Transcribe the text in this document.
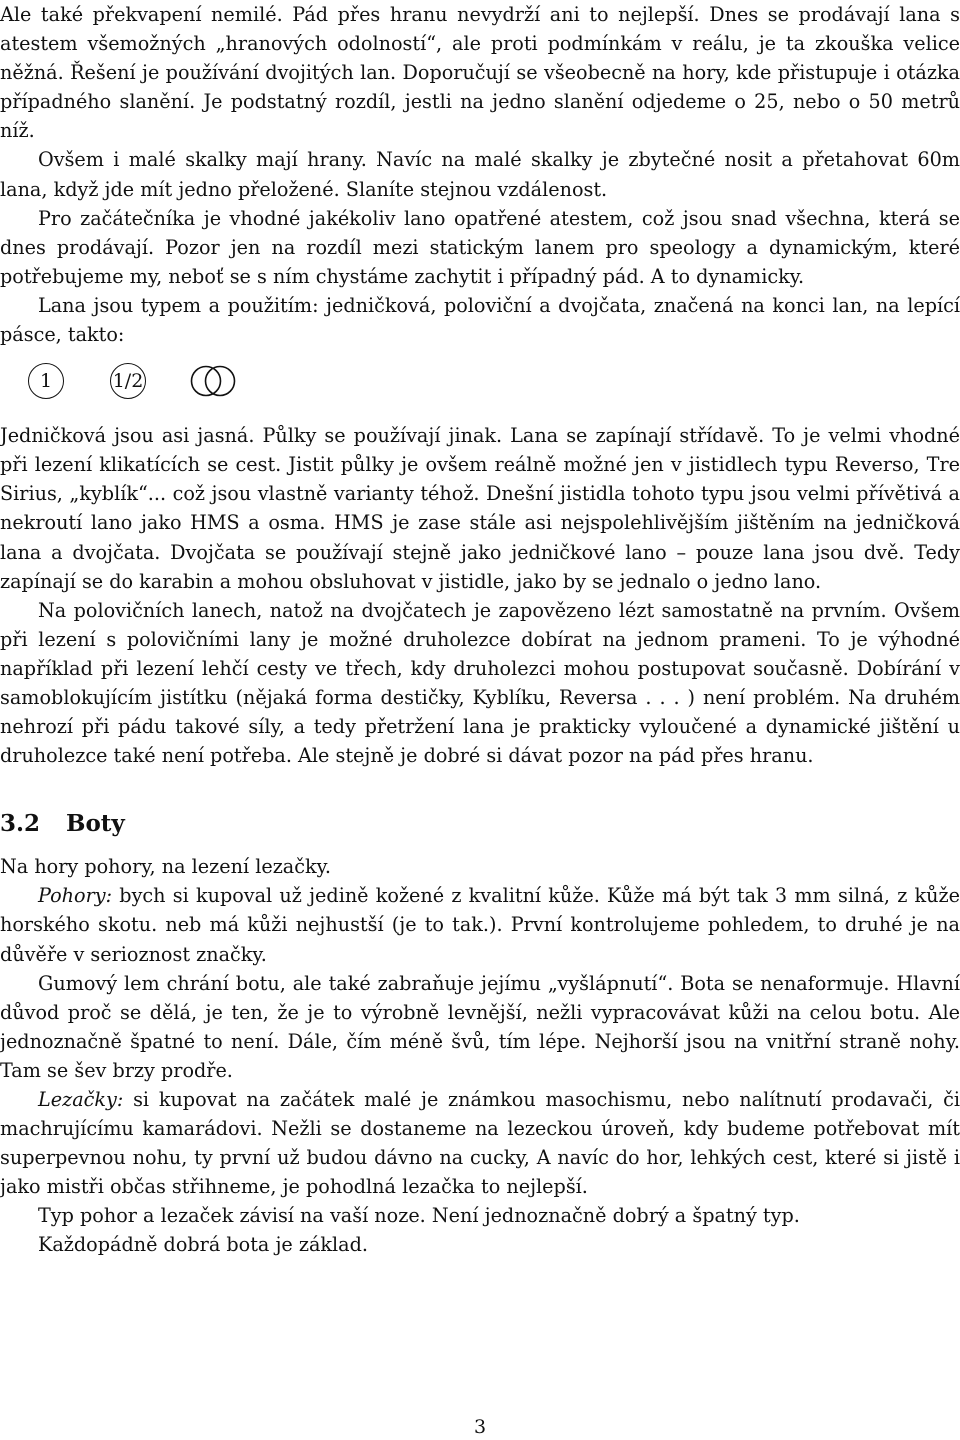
Ale také překvapení nemilé. Pád přes hranu nevydrží ani to nejlepší. Dnes se prodávají lana s atestem všemožných „hranových odolností“, ale proti podmínkám v reálu, je ta zkouška velice něžná. Řešení je používání dvojitých lan. Doporučují se všeobecně na hory, kde přistupuje i otázka případného slanění. Je podstatný rozdíl, jestli na jedno slanění odjedeme o 25, nebo o 50 metrů níž.

Ovšem i malé skalky mají hrany. Navíc na malé skalky je zbytečné nosit a přetahovat 60m lana, když jde mít jedno přeložené. Slaníte stejnou vzdálenost.

Pro začátečníka je vhodné jakékoliv lano opatřené atestem, což jsou snad všechna, která se dnes prodávají. Pozor jen na rozdíl mezi statickým lanem pro speology a dynamickým, které potřebujeme my, neboť se s ním chystáme zachytit i případný pád. A to dynamicky.

Lana jsou typem a použitím: jedničková, poloviční a dvojčata, značená na konci lan, na lepící pásce, takto:

1	1/2

Jedničková jsou asi jasná. Půlky se používají jinak. Lana se zapínají střídavě. To je velmi vhodné při lezení klikatících se cest. Jistit půlky je ovšem reálně možné jen v jistidlech typu Reverso, Tre Sirius, „kyblík“... což jsou vlastně varianty téhož. Dnešní jistidla tohoto typu jsou velmi přívětivá a nekroutí lano jako HMS a osma. HMS je zase stále asi nejspolehlivějším jištěním na jedničková lana a dvojčata. Dvojčata se používají stejně jako jedničkové lano – pouze lana jsou dvě. Tedy zapínají se do karabin a mohou obsluhovat v jistidle, jako by se jednalo o jedno lano.

Na polovičních lanech, natož na dvojčatech je zapovězeno lézt samostatně na prvním. Ovšem při lezení s polovičními lany je možné druholezce dobírat na jednom prameni. To je výhodné například při lezení lehčí cesty ve třech, kdy druholezci mohou postupovat současně. Dobírání v samoblokujícím jistítku (nějaká forma destičky, Kyblíku, Reversa . . . ) není problém. Na druhém nehrozí při pádu takové síly, a tedy přetržení lana je prakticky vyloučené a dynamické jištění u druholezce také není potřeba. Ale stejně je dobré si dávat pozor na pád přes hranu.

3.2 Boty

Na hory pohory, na lezení lezačky.

Pohory: bych si kupoval už jedině kožené z kvalitní kůže. Kůže má být tak 3 mm silná, z kůže horského skotu. neb má kůži nejhustší (je to tak.). První kontrolujeme pohledem, to druhé je na důvěře v serioznost značky.

Gumový lem chrání botu, ale také zabraňuje jejímu „vyšlápnutí“. Bota se nenaformuje. Hlavní důvod proč se dělá, je ten, že je to výrobně levnější, nežli vypracovávat kůži na celou botu. Ale jednoznačně špatné to není. Dále, čím méně švů, tím lépe. Nejhorší jsou na vnitřní straně nohy. Tam se šev brzy prodře.

Lezačky: si kupovat na začátek malé je známkou masochismu, nebo nalítnutí prodavači, či machrujícímu kamarádovi. Nežli se dostaneme na lezeckou úroveň, kdy budeme potřebovat mít superpevnou nohu, ty první už budou dávno na cucky, A navíc do hor, lehkých cest, které si jistě i jako mistři občas střihneme, je pohodlná lezačka to nejlepší.

Typ pohor a lezaček závisí na vaší noze. Není jednoznačně dobrý a špatný typ.

Každopádně dobrá bota je základ.

3
